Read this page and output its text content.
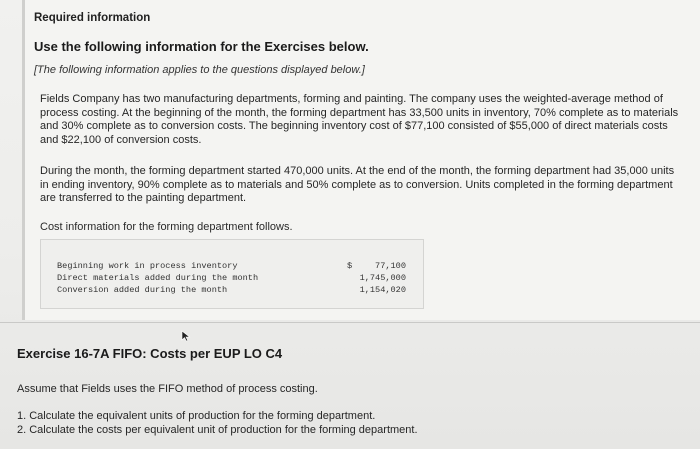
Required information

Use the following information for the Exercises below.

[The following information applies to the questions displayed below.]

Fields Company has two manufacturing departments, forming and painting. The company uses the weighted-average method of process costing. At the beginning of the month, the forming department has 33,500 units in inventory, 70% complete as to materials and 30% complete as to conversion costs. The beginning inventory cost of $77,100 consisted of $55,000 of direct materials costs and $22,100 of conversion costs.

During the month, the forming department started 470,000 units. At the end of the month, the forming department had 35,000 units in ending inventory, 90% complete as to materials and 50% complete as to conversion. Units completed in the forming department are transferred to the painting department.

Cost information for the forming department follows.

Beginning work in process inventory	$	77,100
Direct materials added during the month	1,745,000
Conversion added during the month	1,154,020

Exercise 16-7A FIFO: Costs per EUP LO C4

Assume that Fields uses the FIFO method of process costing.

1. Calculate the equivalent units of production for the forming department.

2. Calculate the costs per equivalent unit of production for the forming department.
